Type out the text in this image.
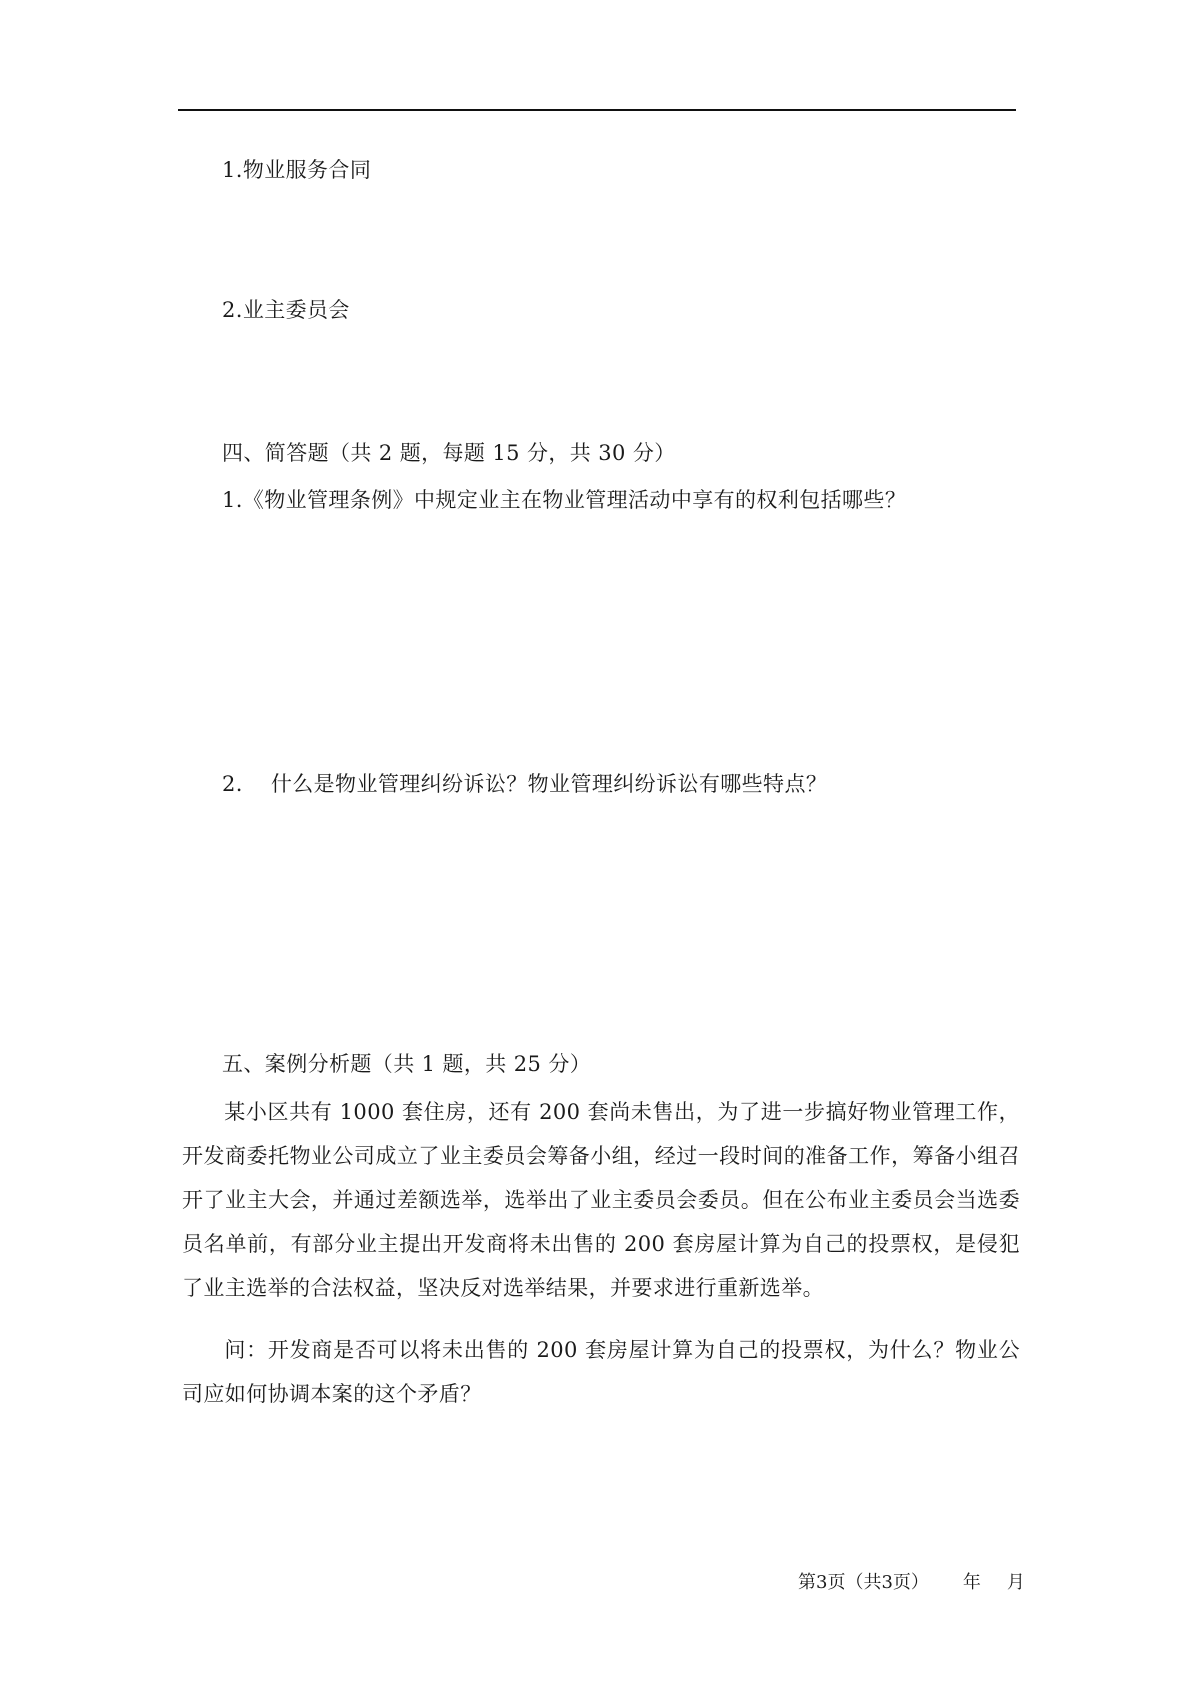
1.物业服务合同
2.业主委员会
四、简答题（共 2 题，每题 15 分，共 30 分）
1.《物业管理条例》中规定业主在物业管理活动中享有的权利包括哪些？
2. 什么是物业管理纠纷诉讼？物业管理纠纷诉讼有哪些特点？
五、案例分析题（共 1 题，共 25 分）

某小区共有 1000 套住房，还有 200 套尚未售出，为了进一步搞好物业管理工作，开发商委托物业公司成立了业主委员会筹备小组，经过一段时间的准备工作，筹备小组召开了业主大会，并通过差额选举，选举出了业主委员会委员。但在公布业主委员会当选委员名单前，有部分业主提出开发商将未出售的 200 套房屋计算为自己的投票权，是侵犯了业主选举的合法权益，坚决反对选举结果，并要求进行重新选举。

问：开发商是否可以将未出售的 200 套房屋计算为自己的投票权，为什么？物业公司应如何协调本案的这个矛盾？

第3页（共3页） 年 月
